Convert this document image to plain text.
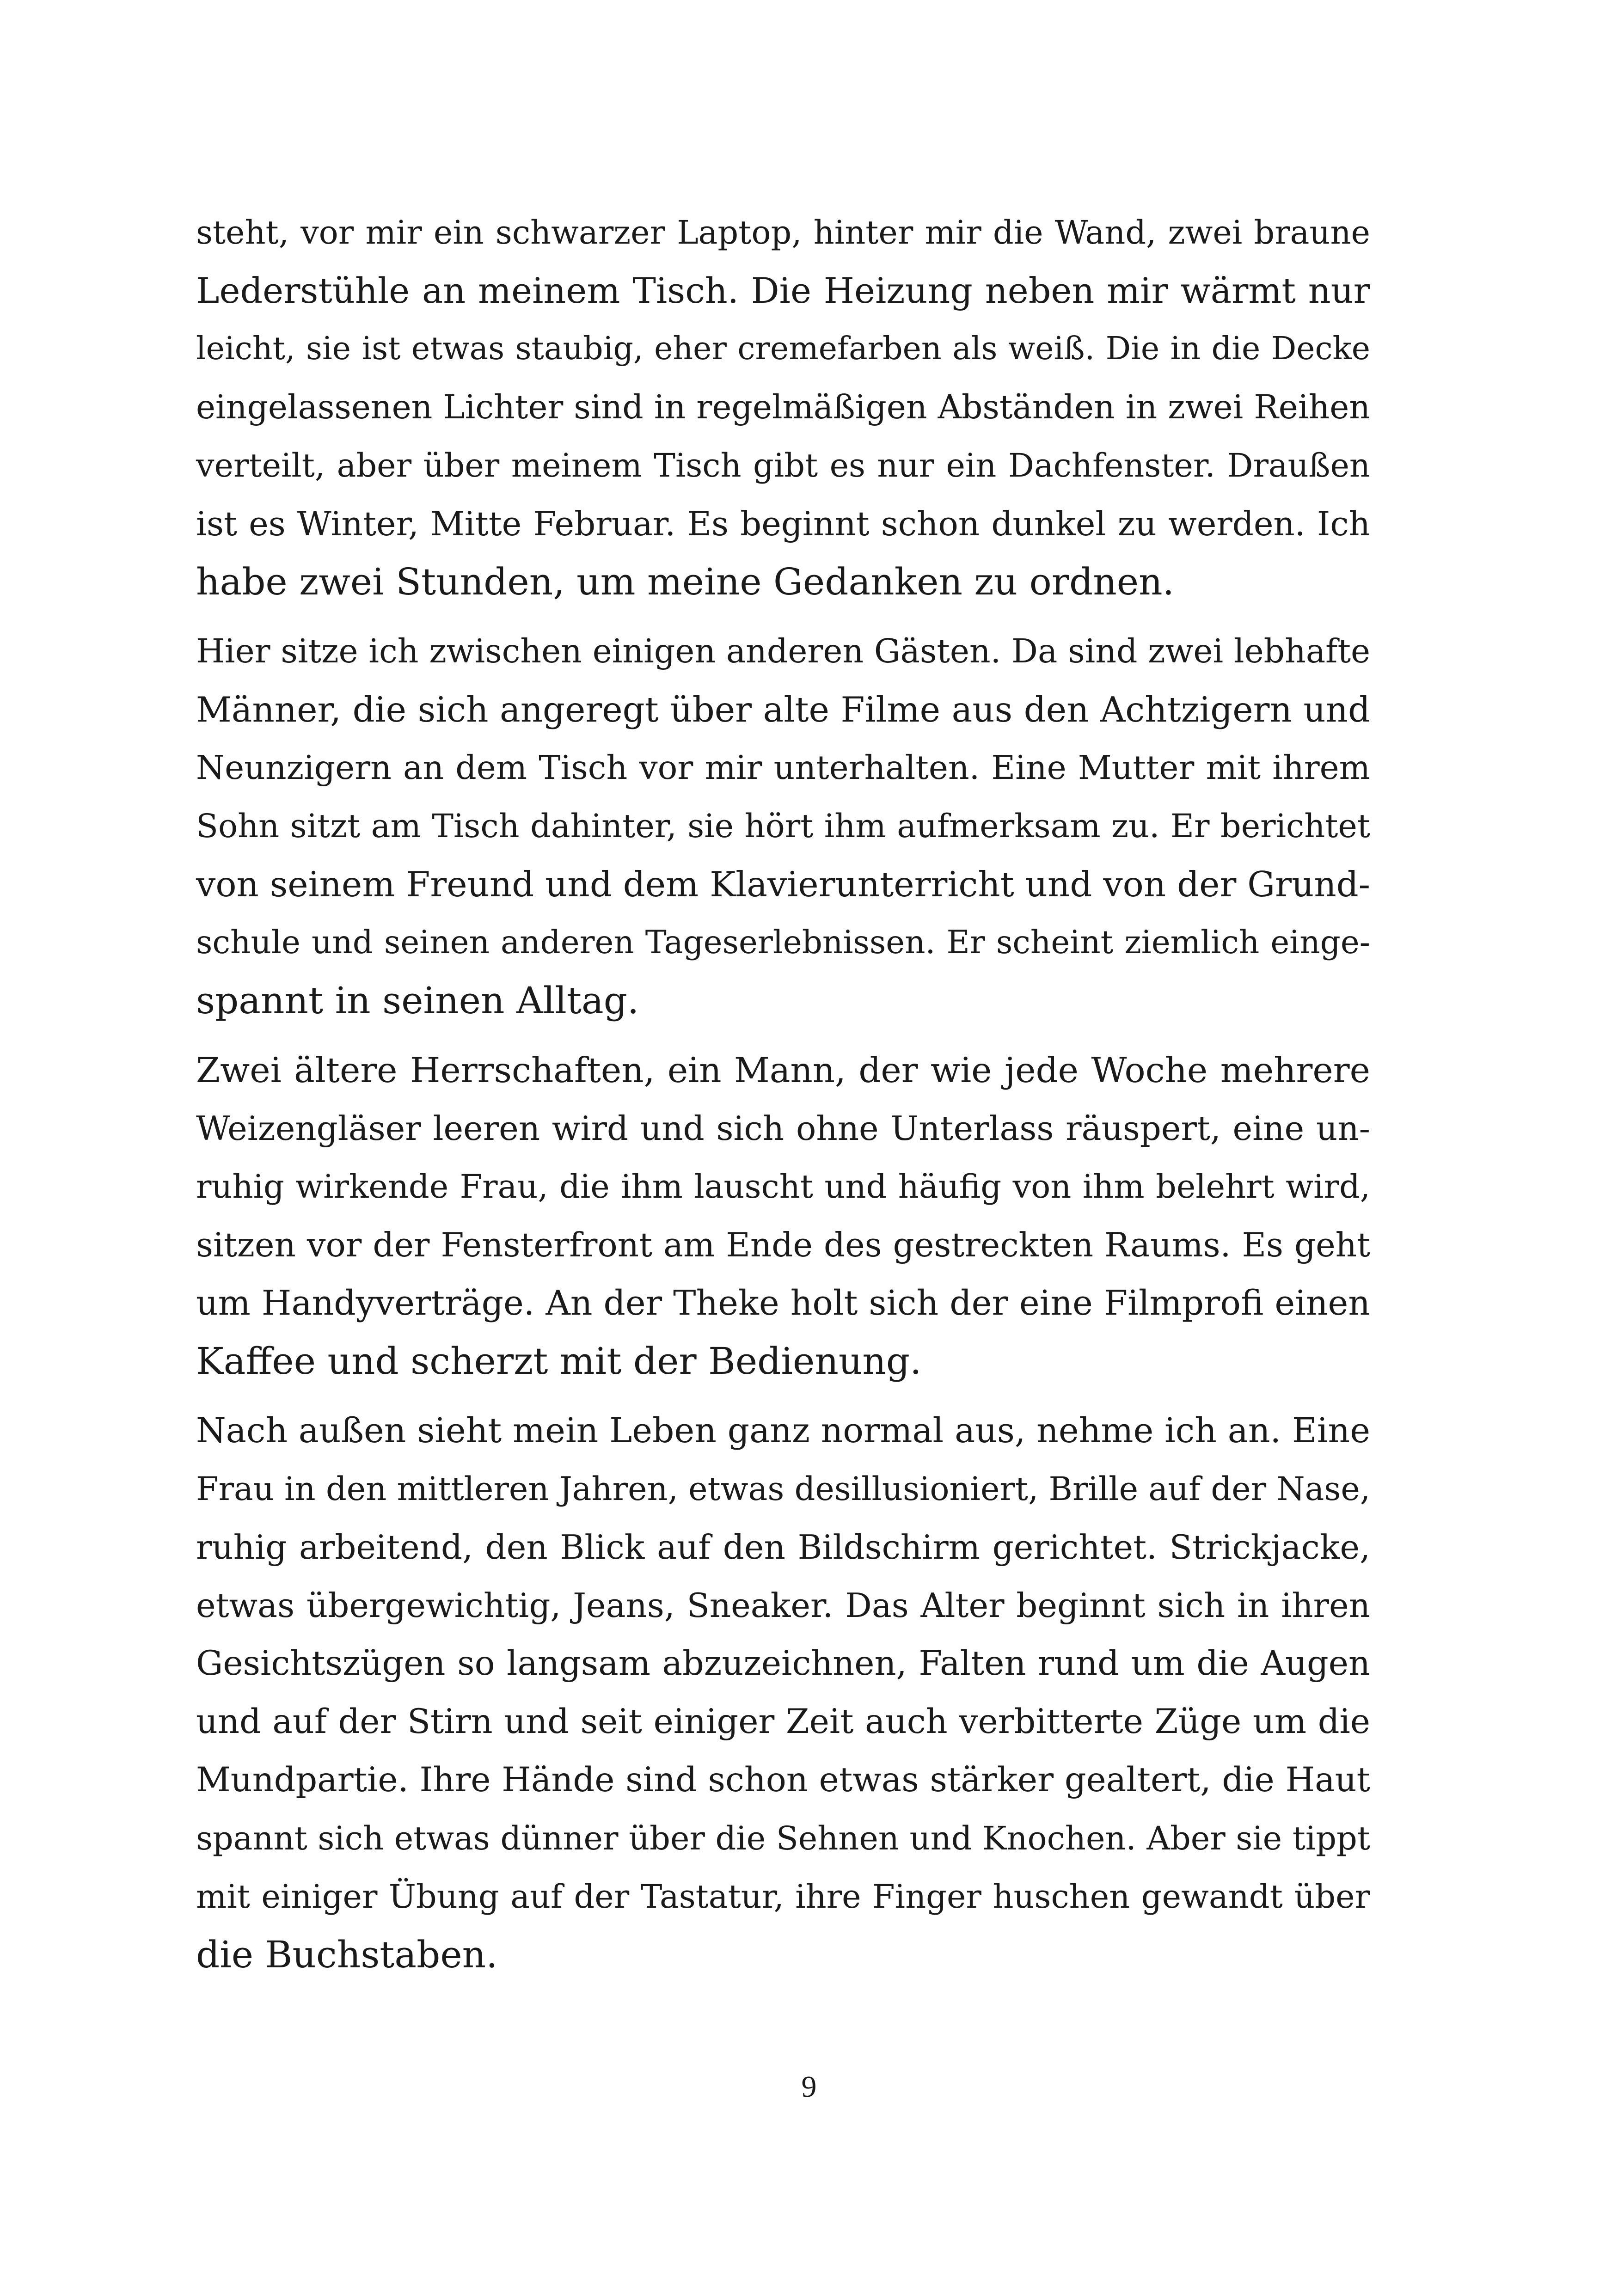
steht, vor mir ein schwarzer Laptop, hinter mir die Wand, zwei braune
Lederstühle an meinem Tisch. Die Heizung neben mir wärmt nur
leicht, sie ist etwas staubig, eher cremefarben als weiß. Die in die Decke
eingelassenen Lichter sind in regelmäßigen Abständen in zwei Reihen
verteilt, aber über meinem Tisch gibt es nur ein Dachfenster. Draußen
ist es Winter, Mitte Februar. Es beginnt schon dunkel zu werden. Ich
habe zwei Stunden, um meine Gedanken zu ordnen.
Hier sitze ich zwischen einigen anderen Gästen. Da sind zwei lebhafte
Männer, die sich angeregt über alte Filme aus den Achtzigern und
Neunzigern an dem Tisch vor mir unterhalten. Eine Mutter mit ihrem
Sohn sitzt am Tisch dahinter, sie hört ihm aufmerksam zu. Er berichtet
von seinem Freund und dem Klavierunterricht und von der Grund-
schule und seinen anderen Tageserlebnissen. Er scheint ziemlich einge-
spannt in seinen Alltag.
Zwei ältere Herrschaften, ein Mann, der wie jede Woche mehrere
Weizengläser leeren wird und sich ohne Unterlass räuspert, eine un-
ruhig wirkende Frau, die ihm lauscht und häufig von ihm belehrt wird,
sitzen vor der Fensterfront am Ende des gestreckten Raums. Es geht
um Handyverträge. An der Theke holt sich der eine Filmprofi einen
Kaffee und scherzt mit der Bedienung.
Nach außen sieht mein Leben ganz normal aus, nehme ich an. Eine
Frau in den mittleren Jahren, etwas desillusioniert, Brille auf der Nase,
ruhig arbeitend, den Blick auf den Bildschirm gerichtet. Strickjacke,
etwas übergewichtig, Jeans, Sneaker. Das Alter beginnt sich in ihren
Gesichtszügen so langsam abzuzeichnen, Falten rund um die Augen
und auf der Stirn und seit einiger Zeit auch verbitterte Züge um die
Mundpartie. Ihre Hände sind schon etwas stärker gealtert, die Haut
spannt sich etwas dünner über die Sehnen und Knochen. Aber sie tippt
mit einiger Übung auf der Tastatur, ihre Finger huschen gewandt über
die Buchstaben.
9
